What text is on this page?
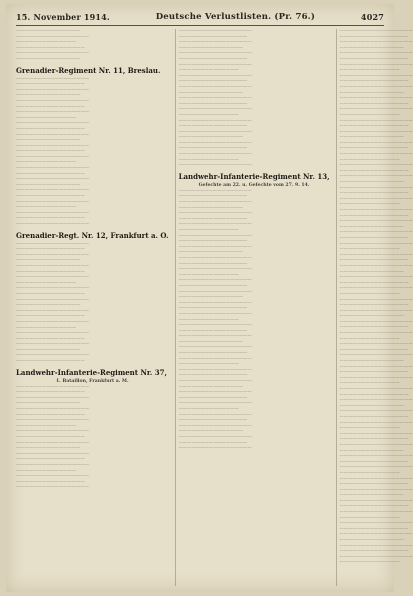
15. November 1914.	Deutsche Verlustlisten. (Pr. 76.)	4027
———————————————
—————————————————
——————————————
————————————————
—————————————————
———————————————
Grenadier-Regiment Nr. 11, Breslau.
—————————————————
————————————————
—————————————————
———————————————
—————————————————
————————————————
—————————————————
——————————————
—————————————————
————————————————
—————————————————
———————————————
—————————————————
————————————————
—————————————————
——————————————
—————————————————
————————————————
—————————————————
———————————————
—————————————————
————————————————
—————————————————
——————————————
—————————————————
————————————————
—————————————————
Grenadier-Regt. Nr. 12, Frankfurt a. O.
—————————————————
————————————————
—————————————————
———————————————
—————————————————
————————————————
—————————————————
——————————————
—————————————————
————————————————
—————————————————
———————————————
—————————————————
————————————————
—————————————————
——————————————
—————————————————
————————————————
—————————————————
———————————————
—————————————————
————————————————
Landwehr-Infanterie-Regiment Nr. 37,
1. Bataillon, Frankfurt a. M.
—————————————————
————————————————
—————————————————
———————————————
—————————————————
————————————————
—————————————————
——————————————
—————————————————
————————————————
—————————————————
———————————————
—————————————————
————————————————
—————————————————
——————————————
—————————————————
————————————————
—————————————————
—————————————————
————————————————
—————————————————
———————————————
—————————————————
————————————————
—————————————————
——————————————
—————————————————
————————————————
—————————————————
———————————————
—————————————————
————————————————
—————————————————
——————————————
—————————————————
————————————————
—————————————————
———————————————
—————————————————
————————————————
—————————————————
——————————————
—————————————————
Landwehr-Infanterie-Regiment Nr. 13,
Gefechte am 22. u. Gefechte vom 27. 9. 14.
—————————————————
————————————————
—————————————————
———————————————
—————————————————
————————————————
—————————————————
——————————————
—————————————————
————————————————
—————————————————
———————————————
—————————————————
————————————————
—————————————————
——————————————
—————————————————
————————————————
—————————————————
———————————————
—————————————————
————————————————
—————————————————
——————————————
—————————————————
————————————————
—————————————————
———————————————
—————————————————
————————————————
—————————————————
——————————————
—————————————————
————————————————
—————————————————
———————————————
—————————————————
————————————————
—————————————————
——————————————
—————————————————
————————————————
—————————————————
———————————————
—————————————————
————————————————
—————————————————
—————————————————
————————————————
—————————————————
———————————————
—————————————————
————————————————
—————————————————
——————————————
—————————————————
————————————————
—————————————————
———————————————
—————————————————
————————————————
—————————————————
——————————————
—————————————————
————————————————
—————————————————
———————————————
—————————————————
————————————————
—————————————————
——————————————
—————————————————
————————————————
—————————————————
———————————————
—————————————————
————————————————
—————————————————
——————————————
—————————————————
————————————————
—————————————————
———————————————
—————————————————
————————————————
—————————————————
——————————————
—————————————————
————————————————
—————————————————
———————————————
—————————————————
————————————————
—————————————————
——————————————
—————————————————
————————————————
—————————————————
———————————————
—————————————————
————————————————
—————————————————
——————————————
—————————————————
————————————————
—————————————————
———————————————
—————————————————
————————————————
—————————————————
——————————————
—————————————————
————————————————
—————————————————
———————————————
—————————————————
————————————————
—————————————————
——————————————
—————————————————
————————————————
—————————————————
———————————————
—————————————————
————————————————
—————————————————
——————————————
—————————————————
————————————————
—————————————————
———————————————
—————————————————
————————————————
—————————————————
——————————————
—————————————————
————————————————
—————————————————
———————————————
—————————————————
————————————————
—————————————————
——————————————
